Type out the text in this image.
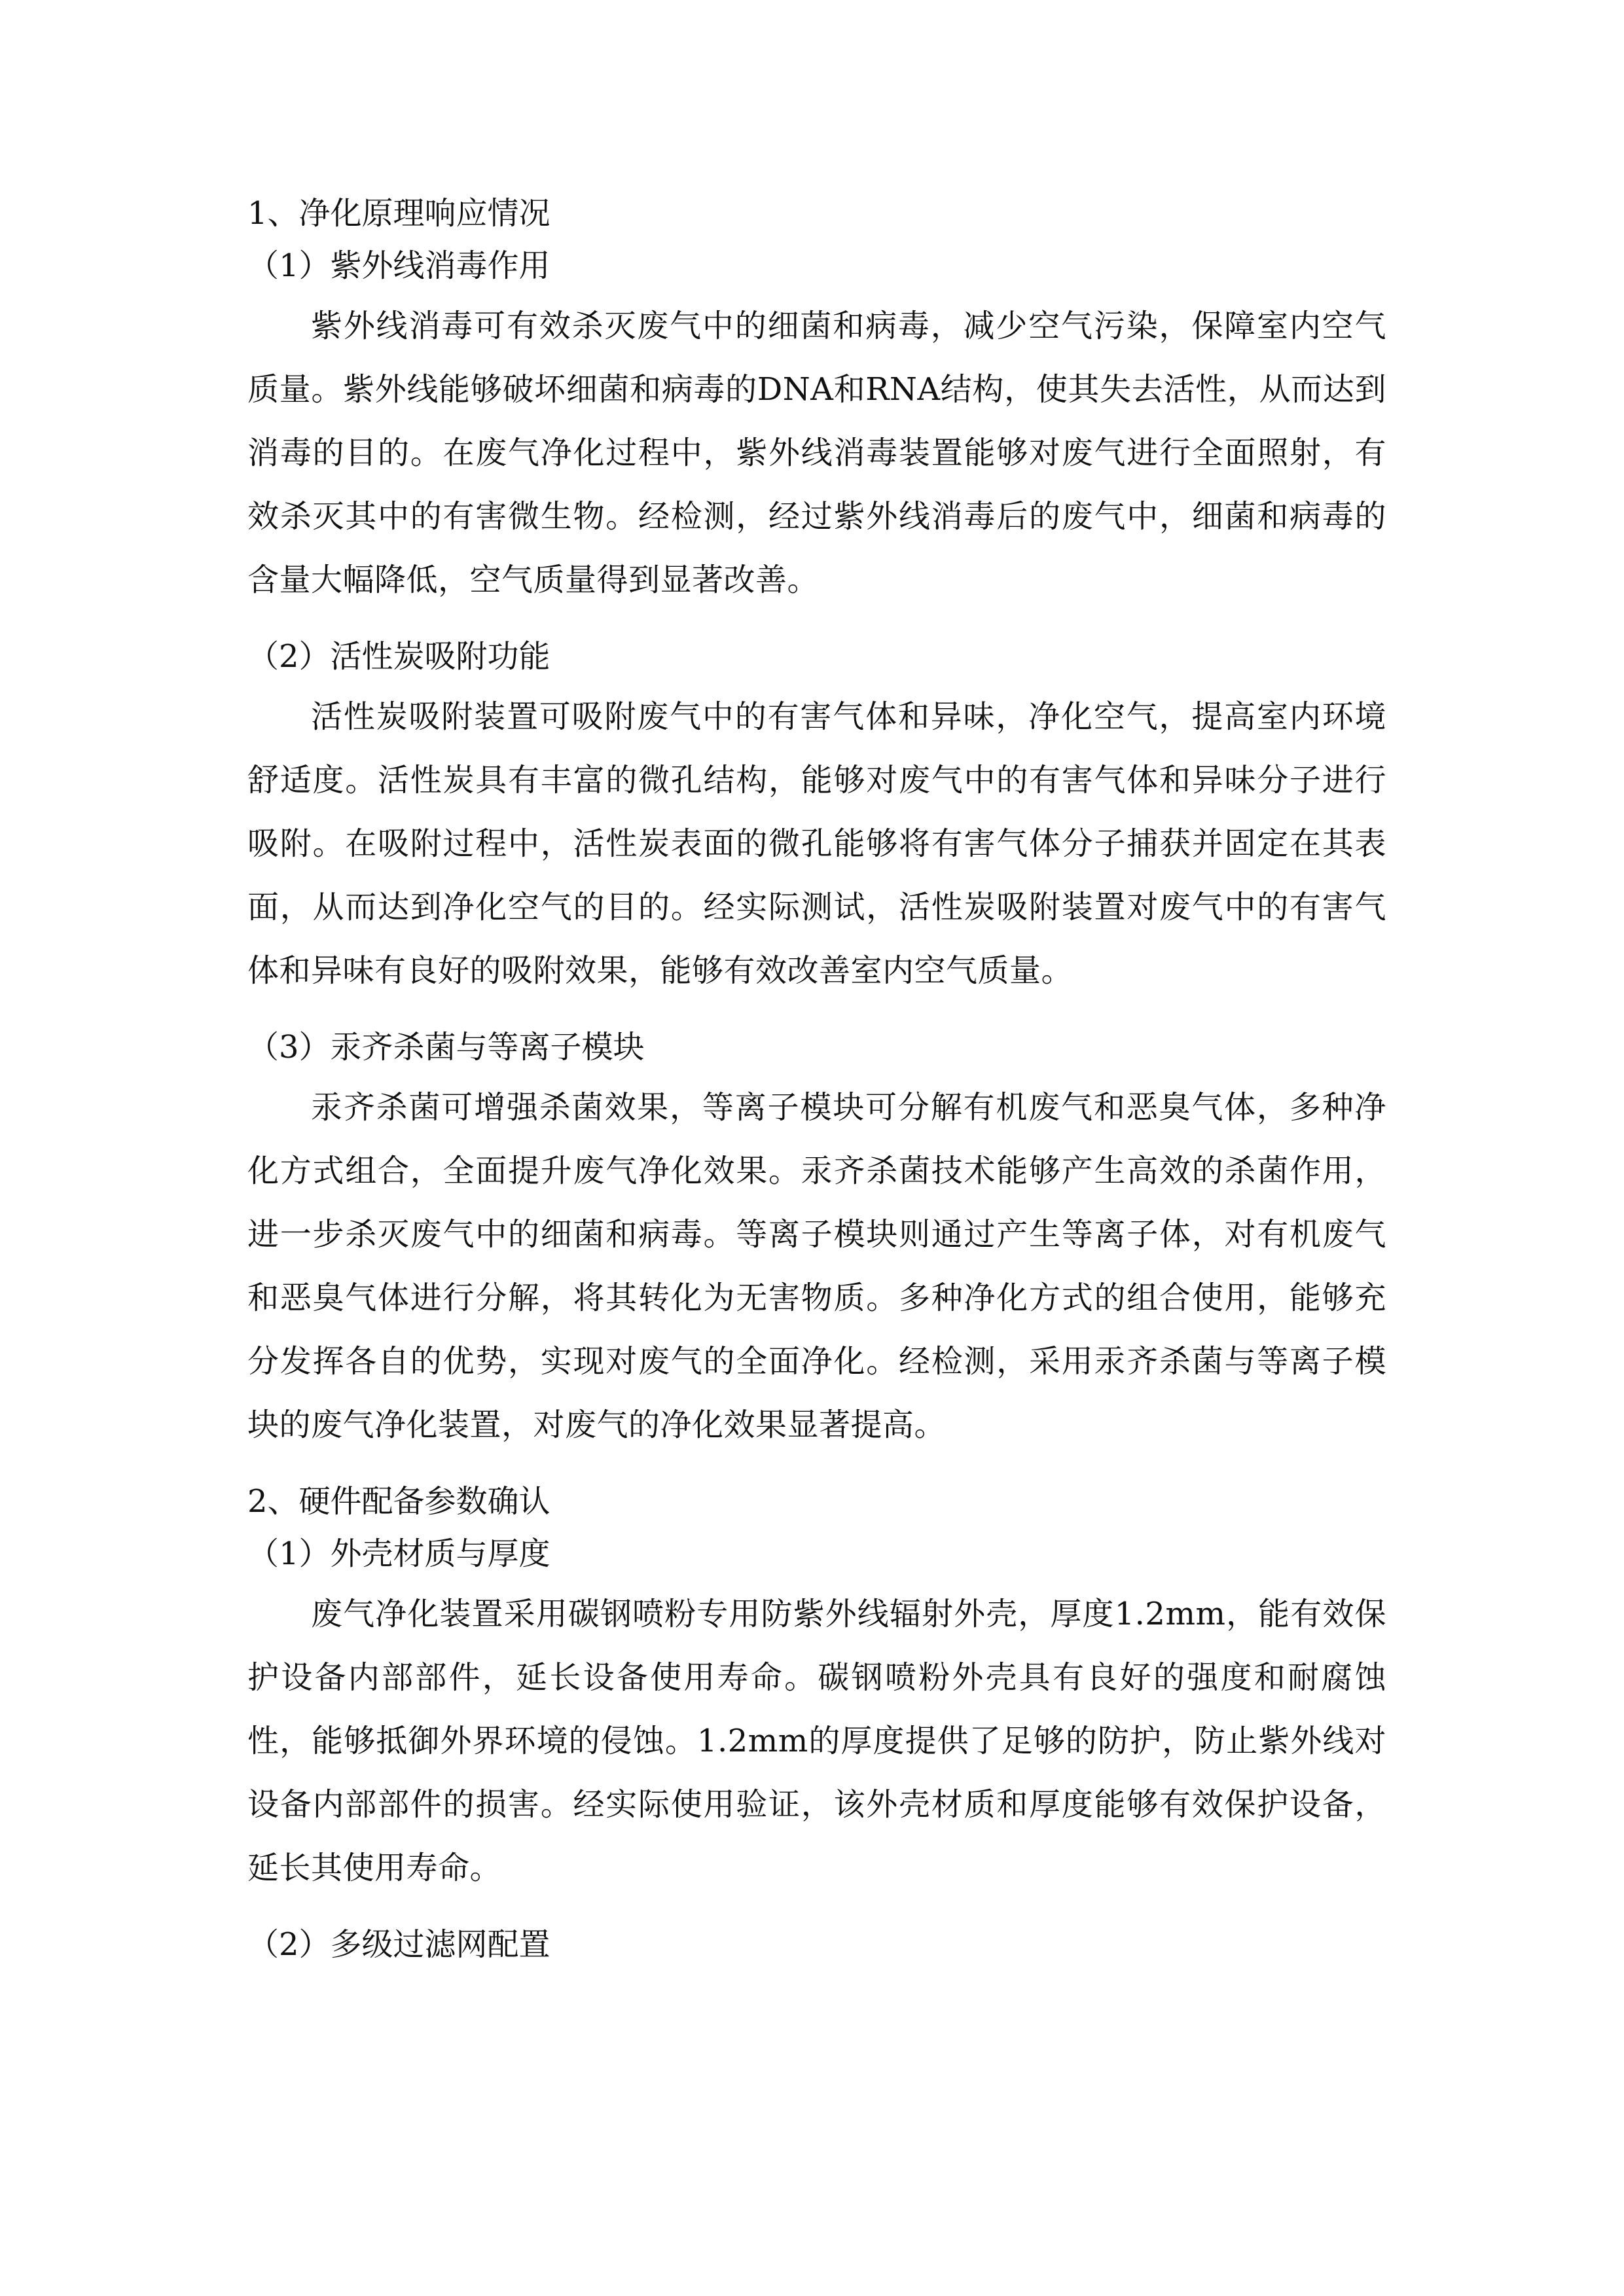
1、净化原理响应情况

（1）紫外线消毒作用

紫外线消毒可有效杀灭废气中的细菌和病毒，减少空气污染，保障室内空气质量。紫外线能够破坏细菌和病毒的DNA和RNA结构，使其失去活性，从而达到消毒的目的。在废气净化过程中，紫外线消毒装置能够对废气进行全面照射，有效杀灭其中的有害微生物。经检测，经过紫外线消毒后的废气中，细菌和病毒的含量大幅降低，空气质量得到显著改善。

（2）活性炭吸附功能

活性炭吸附装置可吸附废气中的有害气体和异味，净化空气，提高室内环境舒适度。活性炭具有丰富的微孔结构，能够对废气中的有害气体和异味分子进行吸附。在吸附过程中，活性炭表面的微孔能够将有害气体分子捕获并固定在其表面，从而达到净化空气的目的。经实际测试，活性炭吸附装置对废气中的有害气体和异味有良好的吸附效果，能够有效改善室内空气质量。

（3）汞齐杀菌与等离子模块

汞齐杀菌可增强杀菌效果，等离子模块可分解有机废气和恶臭气体，多种净化方式组合，全面提升废气净化效果。汞齐杀菌技术能够产生高效的杀菌作用，进一步杀灭废气中的细菌和病毒。等离子模块则通过产生等离子体，对有机废气和恶臭气体进行分解，将其转化为无害物质。多种净化方式的组合使用，能够充分发挥各自的优势，实现对废气的全面净化。经检测，采用汞齐杀菌与等离子模块的废气净化装置，对废气的净化效果显著提高。

2、硬件配备参数确认

（1）外壳材质与厚度

废气净化装置采用碳钢喷粉专用防紫外线辐射外壳，厚度1.2mm，能有效保护设备内部部件，延长设备使用寿命。碳钢喷粉外壳具有良好的强度和耐腐蚀性，能够抵御外界环境的侵蚀。1.2mm的厚度提供了足够的防护，防止紫外线对设备内部部件的损害。经实际使用验证，该外壳材质和厚度能够有效保护设备，延长其使用寿命。

（2）多级过滤网配置
